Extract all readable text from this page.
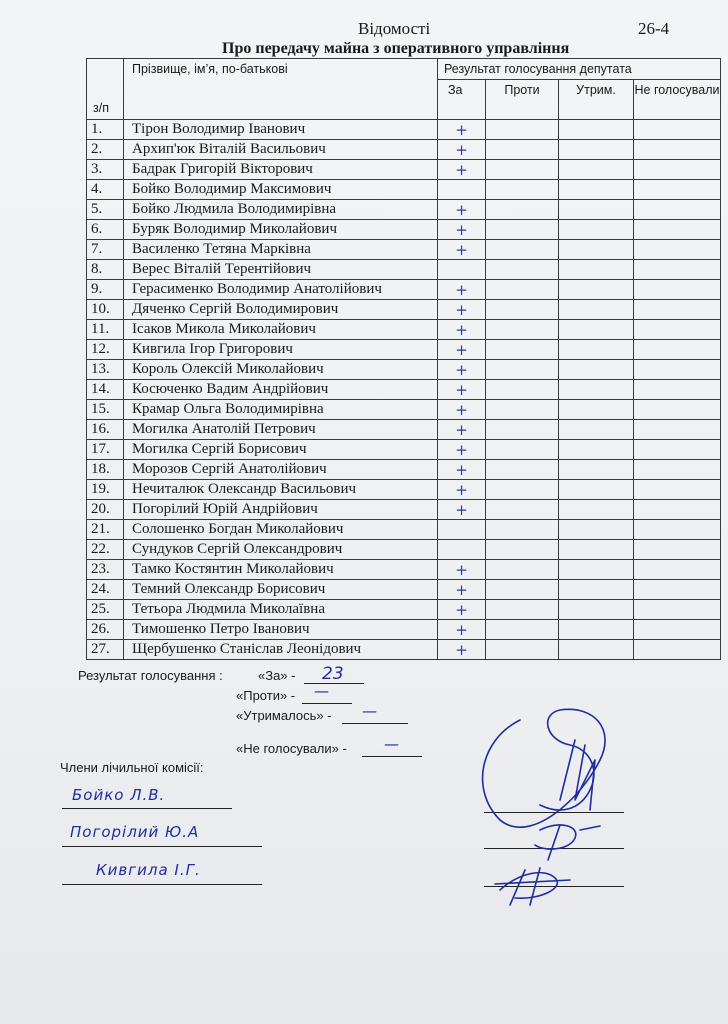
Відомості	26-4
Про передачу майна з оперативного управління
з/п	Прізвище, ім’я, по-батькові	Результат голосування депутата			
		За	Проти	Утрим.	Не голосували

1.	Тірон Володимир Іванович	+			
2.	Архип'юк Віталій Васильович	+			
3.	Бадрак Григорій Вікторович	+			
4.	Бойко Володимир Максимович				
5.	Бойко Людмила Володимирівна	+			
6.	Буряк Володимир Миколайович	+			
7.	Василенко Тетяна Марківна	+			
8.	Верес Віталій Терентійович				
9.	Герасименко Володимир Анатолійович	+			
10.	Дяченко Сергій Володимирович	+			
11.	Ісаков Микола Миколайович	+			
12.	Кивгила Ігор Григорович	+			
13.	Король Олексій Миколайович	+			
14.	Косюченко Вадим Андрійович	+			
15.	Крамар Ольга Володимирівна	+			
16.	Могилка Анатолій Петрович	+			
17.	Могилка Сергій Борисович	+			
18.	Морозов Сергій Анатолійович	+			
19.	Нечиталюк Олександр Васильович	+			
20.	Погорілий Юрій Андрійович	+			
21.	Солошенко Богдан Миколайович				
22.	Сундуков Сергій Олександрович				
23.	Тамко Костянтин Миколайович	+			
24.	Темний Олександр Борисович	+			
25.	Тетьора Людмила Миколаївна	+			
26.	Тимошенко Петро Іванович	+			
27.	Щербушенко Станіслав Леонідович	+			
Результат голосування :	«За» - 23
«Проти» - —
«Утрималось» - —
«Не голосували» - —
Члени лічильної комісії:
Бойко Л.В.
Погорілий Ю.А
Кивгила І.Г.
